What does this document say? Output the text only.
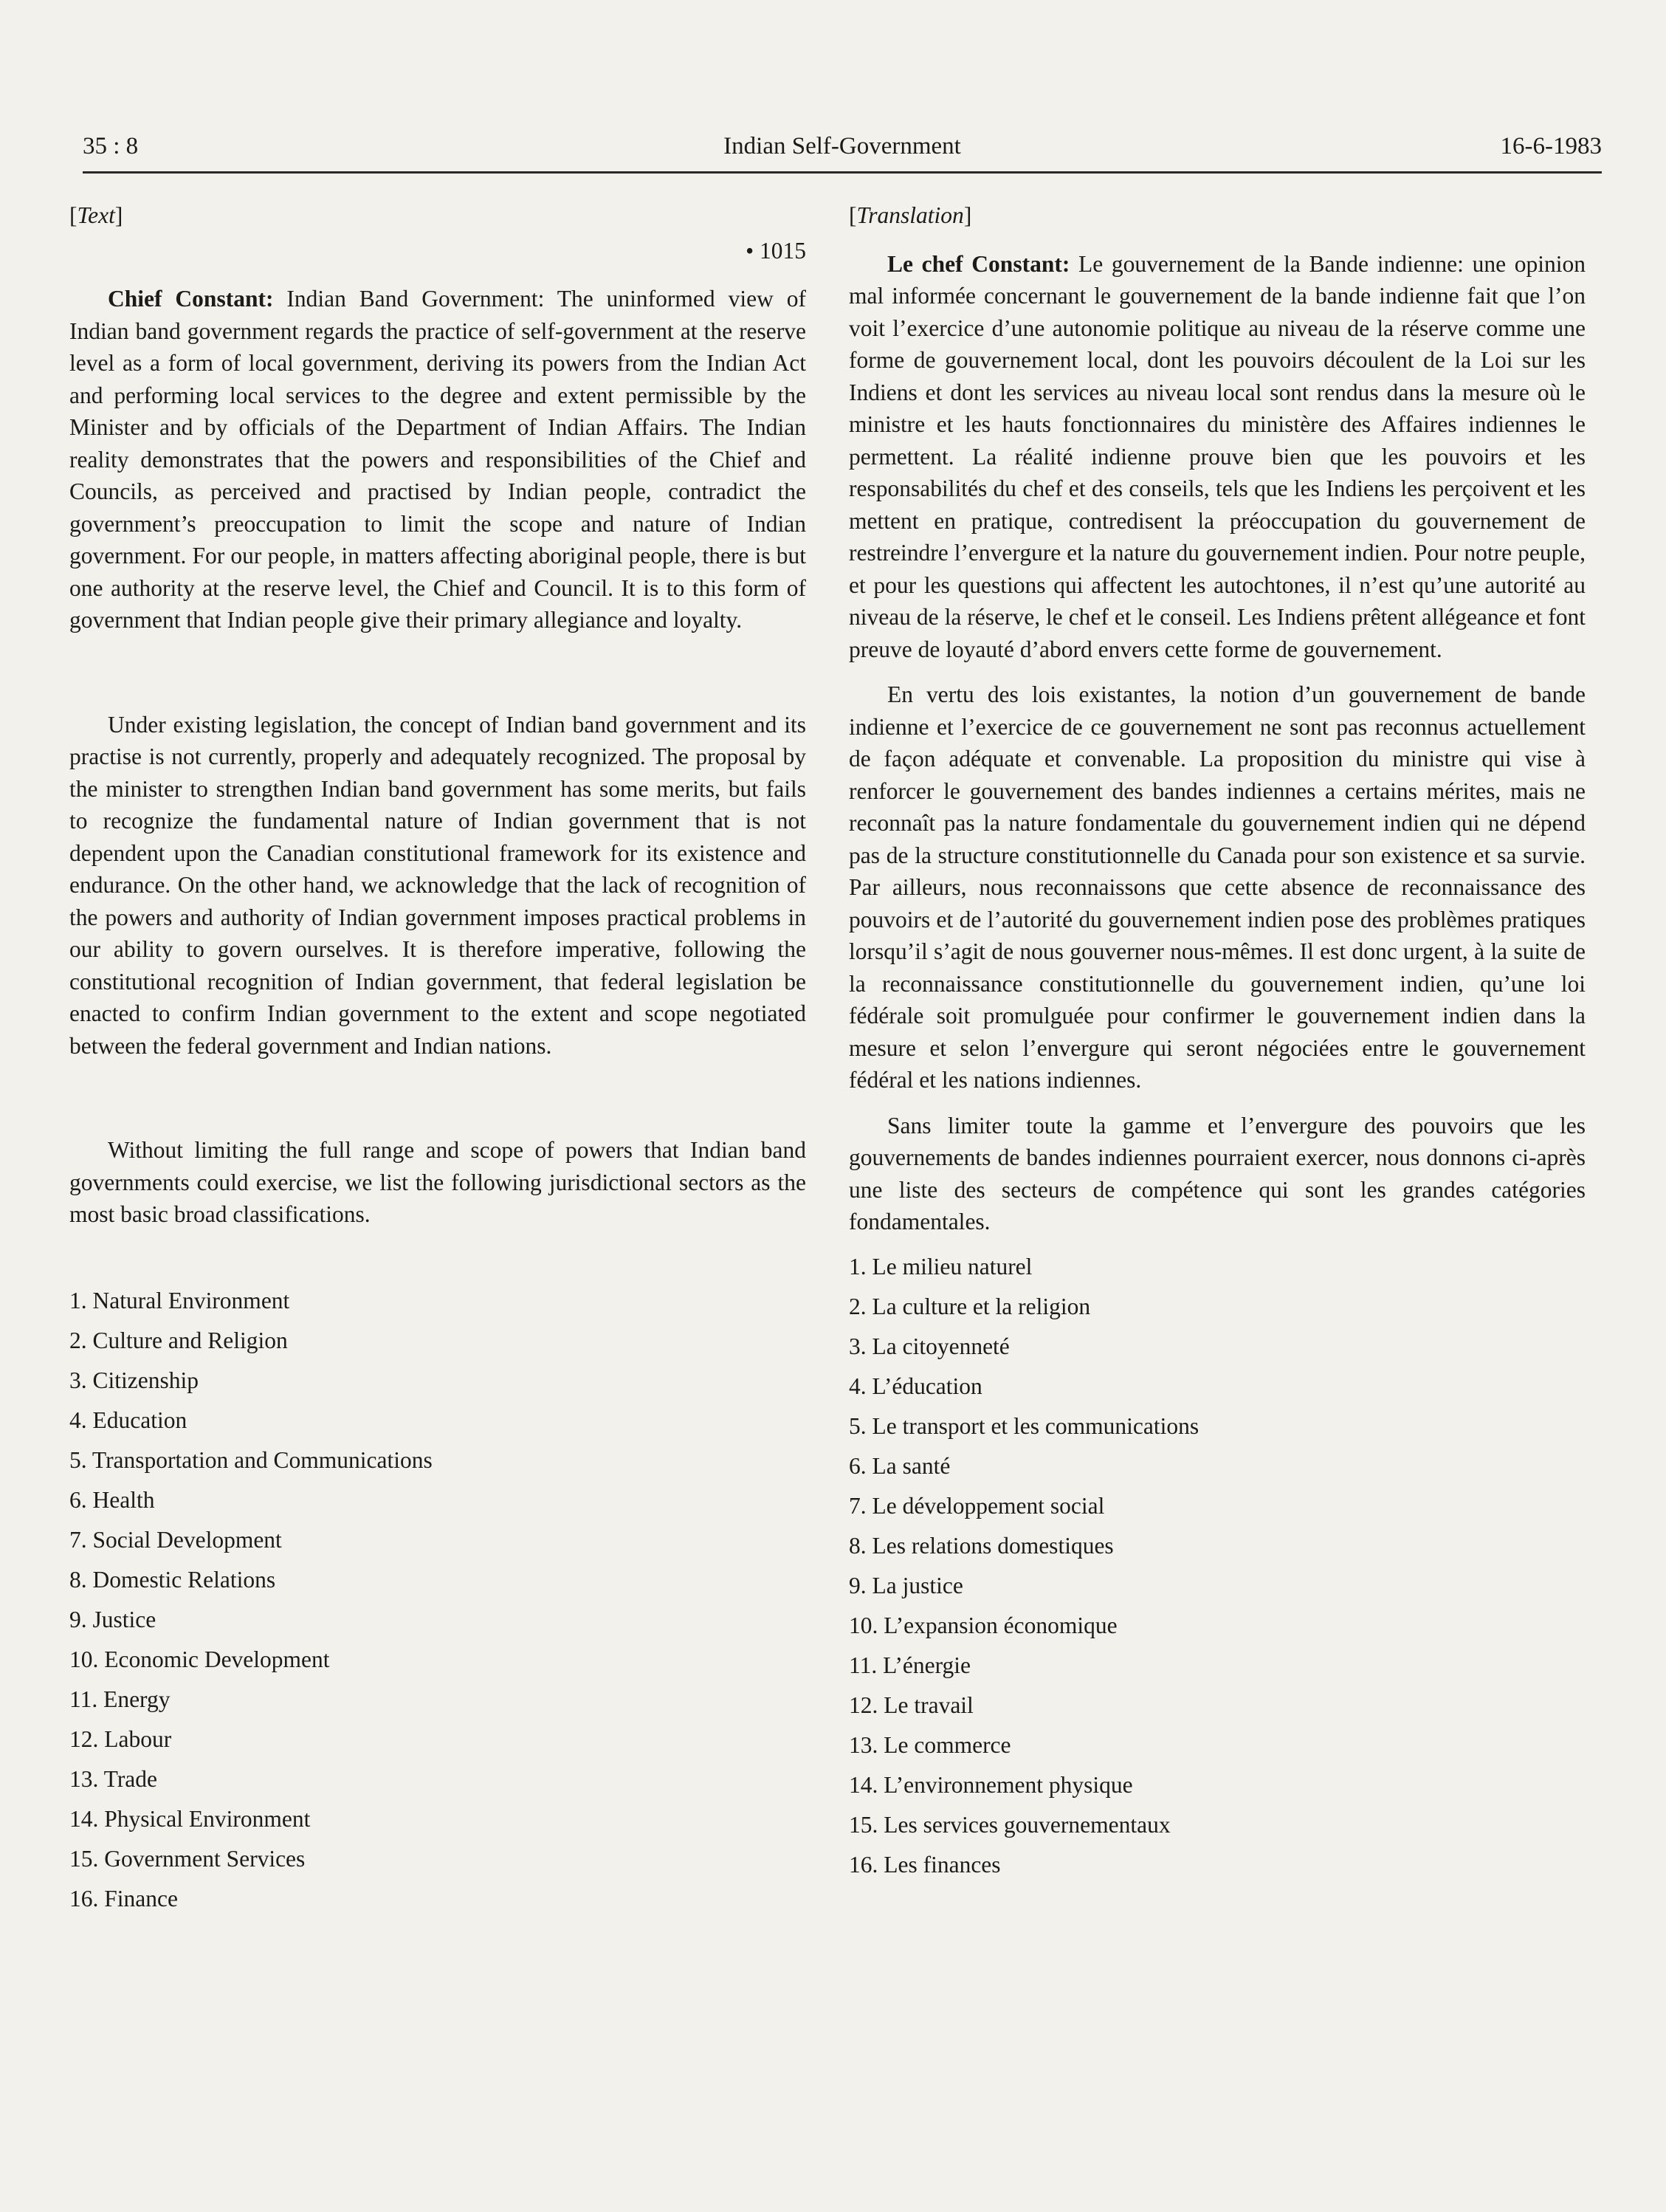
Indian Self-Government
35 : 8	16-6-1983
[Text]
• 1015

Chief Constant: Indian Band Government: The uninformed view of Indian band government regards the practice of self-government at the reserve level as a form of local government, deriving its powers from the Indian Act and performing local services to the degree and extent permissible by the Minister and by officials of the Department of Indian Affairs. The Indian reality demonstrates that the powers and responsibilities of the Chief and Councils, as perceived and practised by Indian people, contradict the government’s preoccupation to limit the scope and nature of Indian government. For our people, in matters affecting aboriginal people, there is but one authority at the reserve level, the Chief and Council. It is to this form of government that Indian people give their primary allegiance and loyalty.

Under existing legislation, the concept of Indian band government and its practise is not currently, properly and adequately recognized. The proposal by the minister to strengthen Indian band government has some merits, but fails to recognize the fundamental nature of Indian government that is not dependent upon the Canadian constitutional framework for its existence and endurance. On the other hand, we acknowledge that the lack of recognition of the powers and authority of Indian government imposes practical problems in our ability to govern ourselves. It is therefore imperative, following the constitutional recognition of Indian government, that federal legislation be enacted to confirm Indian government to the extent and scope negotiated between the federal government and Indian nations.

Without limiting the full range and scope of powers that Indian band governments could exercise, we list the following jurisdictional sectors as the most basic broad classifications.

1. Natural Environment
2. Culture and Religion
3. Citizenship
4. Education
5. Transportation and Communications
6. Health
7. Social Development
8. Domestic Relations
9. Justice
10. Economic Development
11. Energy
12. Labour
13. Trade
14. Physical Environment
15. Government Services
16. Finance
[Translation]

Le chef Constant: Le gouvernement de la Bande indienne: une opinion mal informée concernant le gouvernement de la bande indienne fait que l’on voit l’exercice d’une autonomie politique au niveau de la réserve comme une forme de gouvernement local, dont les pouvoirs découlent de la Loi sur les Indiens et dont les services au niveau local sont rendus dans la mesure où le ministre et les hauts fonctionnaires du ministère des Affaires indiennes le permettent. La réalité indienne prouve bien que les pouvoirs et les responsabilités du chef et des conseils, tels que les Indiens les perçoivent et les mettent en pratique, contredisent la préoccupation du gouvernement de restreindre l’envergure et la nature du gouvernement indien. Pour notre peuple, et pour les questions qui affectent les autochtones, il n’est qu’une autorité au niveau de la réserve, le chef et le conseil. Les Indiens prêtent allégeance et font preuve de loyauté d’abord envers cette forme de gouvernement.

En vertu des lois existantes, la notion d’un gouvernement de bande indienne et l’exercice de ce gouvernement ne sont pas reconnus actuellement de façon adéquate et convenable. La proposition du ministre qui vise à renforcer le gouvernement des bandes indiennes a certains mérites, mais ne reconnaît pas la nature fondamentale du gouvernement indien qui ne dépend pas de la structure constitutionnelle du Canada pour son existence et sa survie. Par ailleurs, nous reconnaissons que cette absence de reconnaissance des pouvoirs et de l’autorité du gouvernement indien pose des problèmes pratiques lorsqu’il s’agit de nous gouverner nous-mêmes. Il est donc urgent, à la suite de la reconnaissance constitutionnelle du gouvernement indien, qu’une loi fédérale soit promulguée pour confirmer le gouvernement indien dans la mesure et selon l’envergure qui seront négociées entre le gouvernement fédéral et les nations indiennes.

Sans limiter toute la gamme et l’envergure des pouvoirs que les gouvernements de bandes indiennes pourraient exercer, nous donnons ci-après une liste des secteurs de compétence qui sont les grandes catégories fondamentales.

1. Le milieu naturel
2. La culture et la religion
3. La citoyenneté
4. L’éducation
5. Le transport et les communications
6. La santé
7. Le développement social
8. Les relations domestiques
9. La justice
10. L’expansion économique
11. L’énergie
12. Le travail
13. Le commerce
14. L’environnement physique
15. Les services gouvernementaux
16. Les finances
